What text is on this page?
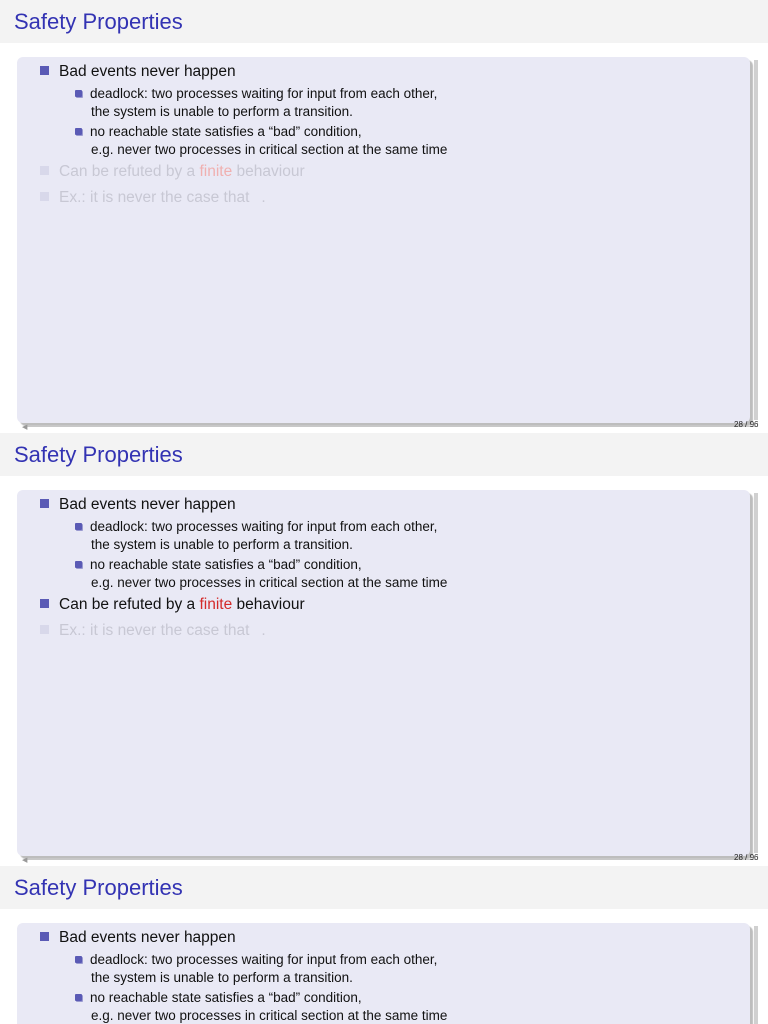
Safety Properties
Bad events never happen
deadlock: two processes waiting for input from each other,
the system is unable to perform a transition.
no reachable state satisfies a “bad” condition,
e.g. never two processes in critical section at the same time
Can be refuted by a finite behaviour
Ex.: it is never the case that .
◀	28 / 96
Safety Properties
Bad events never happen
deadlock: two processes waiting for input from each other,
the system is unable to perform a transition.
no reachable state satisfies a “bad” condition,
e.g. never two processes in critical section at the same time
Can be refuted by a finite behaviour
Ex.: it is never the case that .
◀	28 / 96
Safety Properties
Bad events never happen
deadlock: two processes waiting for input from each other,
the system is unable to perform a transition.
no reachable state satisfies a “bad” condition,
e.g. never two processes in critical section at the same time
